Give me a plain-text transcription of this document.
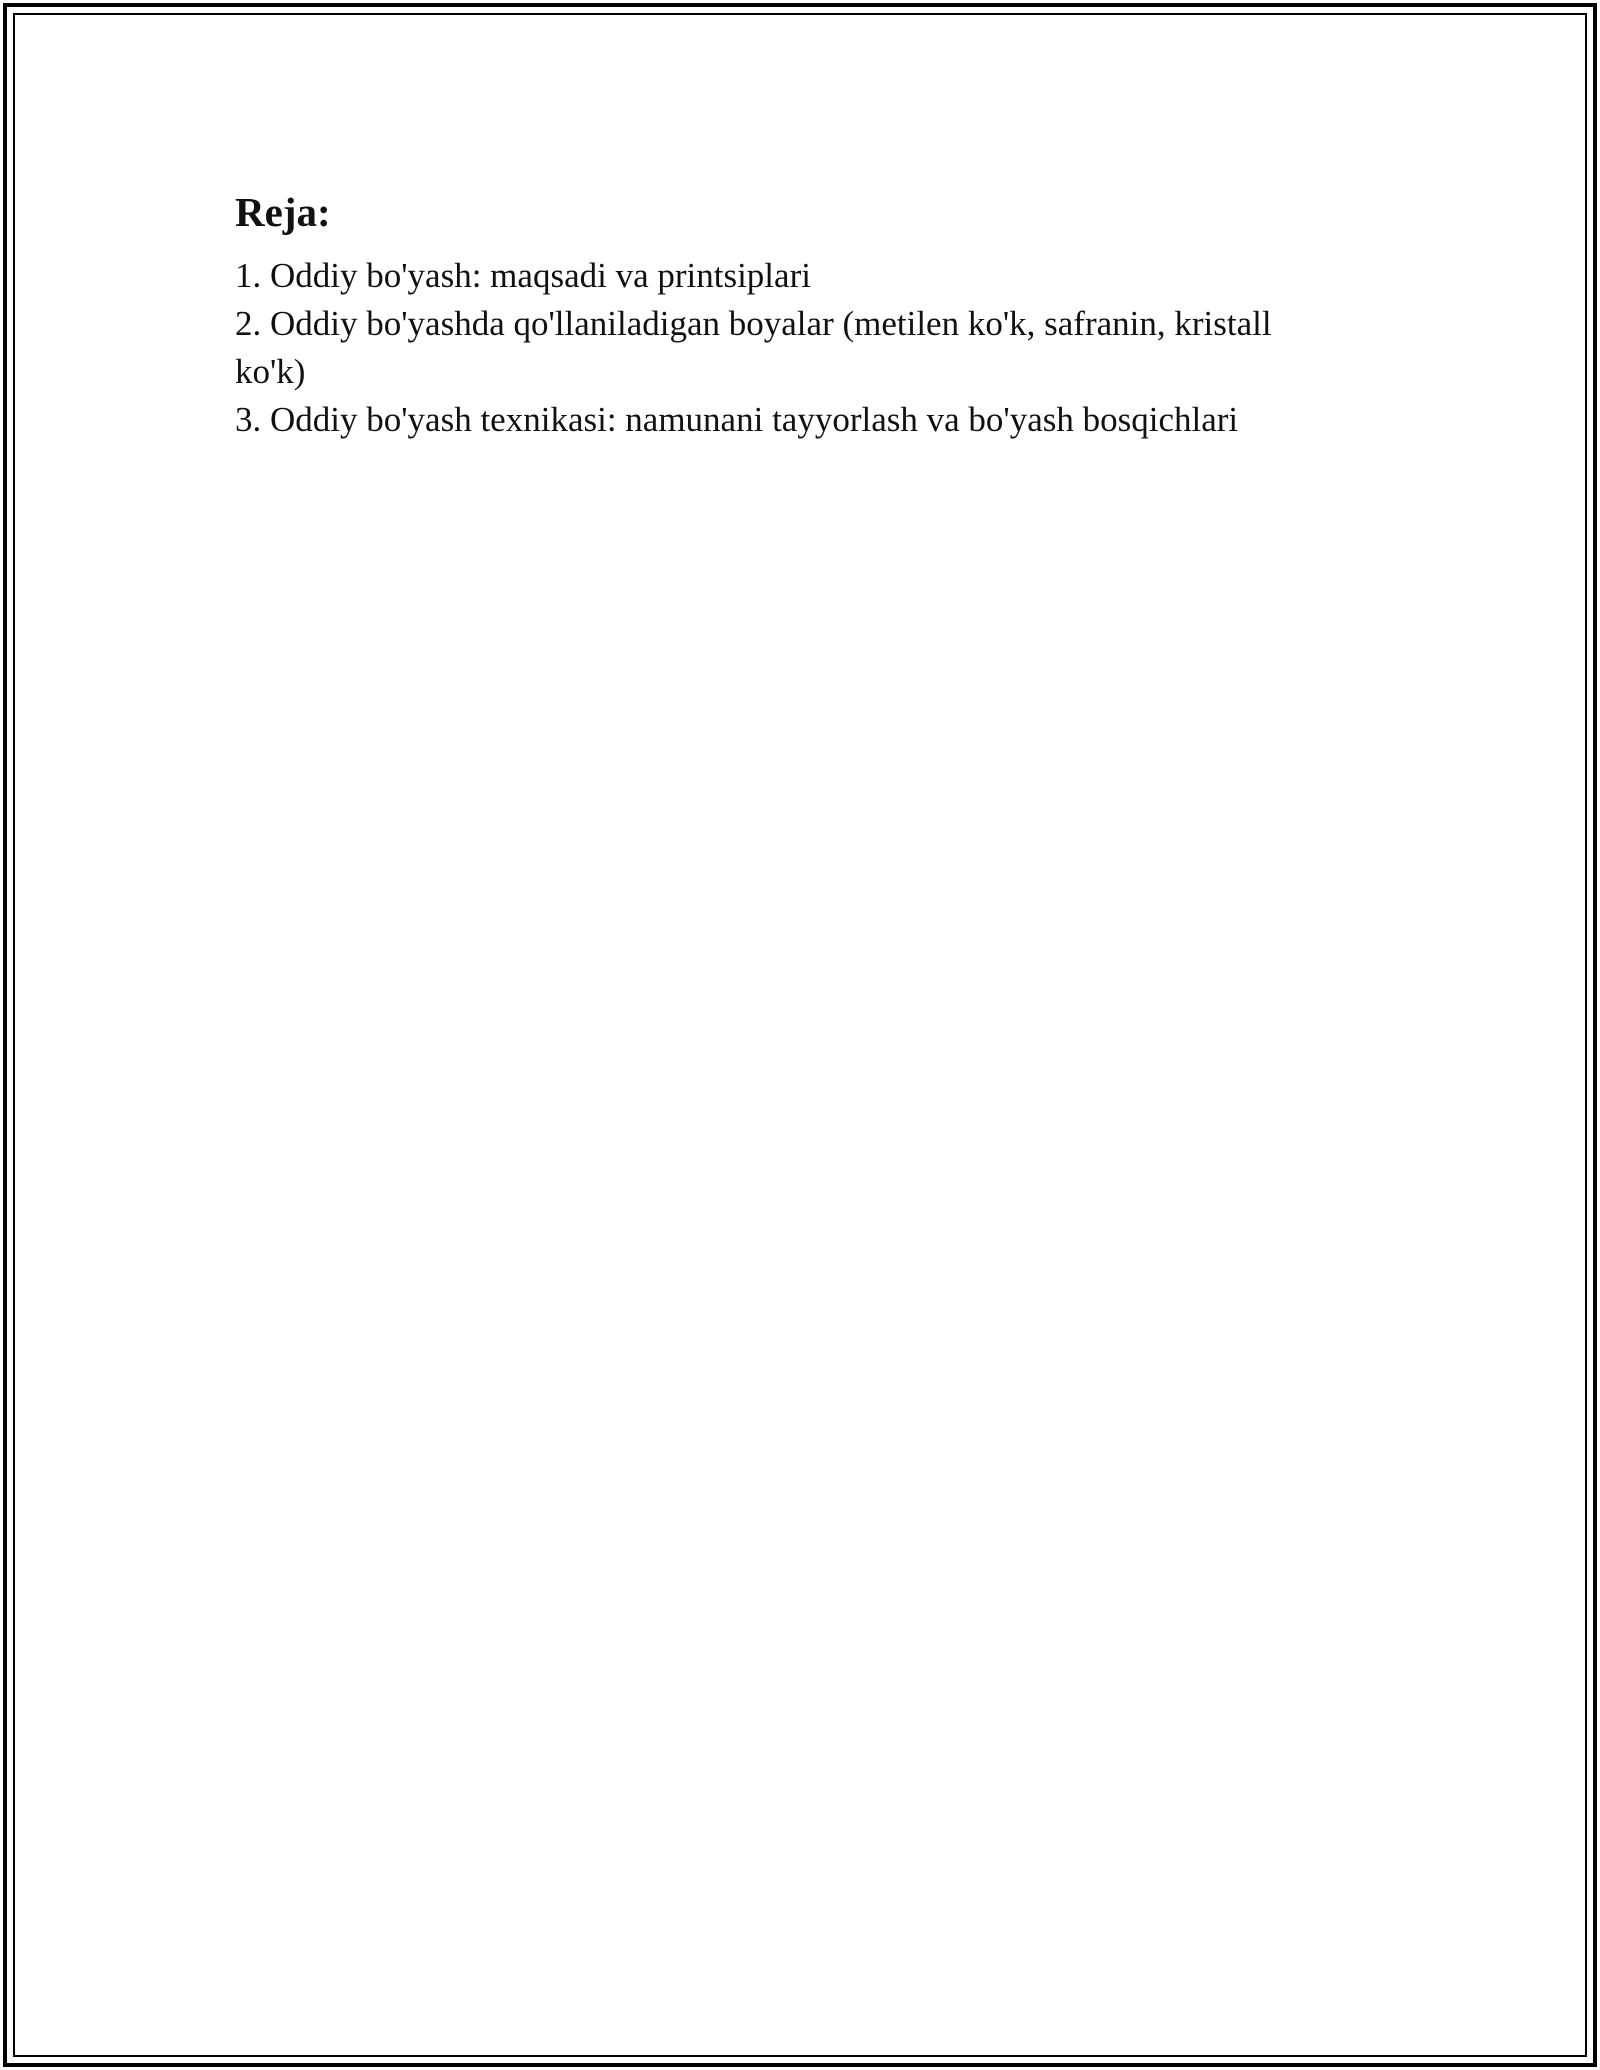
Reja:
1. Oddiy bo'yash: maqsadi va printsiplari
2. Oddiy bo'yashda qo'llaniladigan boyalar (metilen ko'k, safranin, kristall ko'k)
3. Oddiy bo'yash texnikasi: namunani tayyorlash va bo'yash bosqichlari
